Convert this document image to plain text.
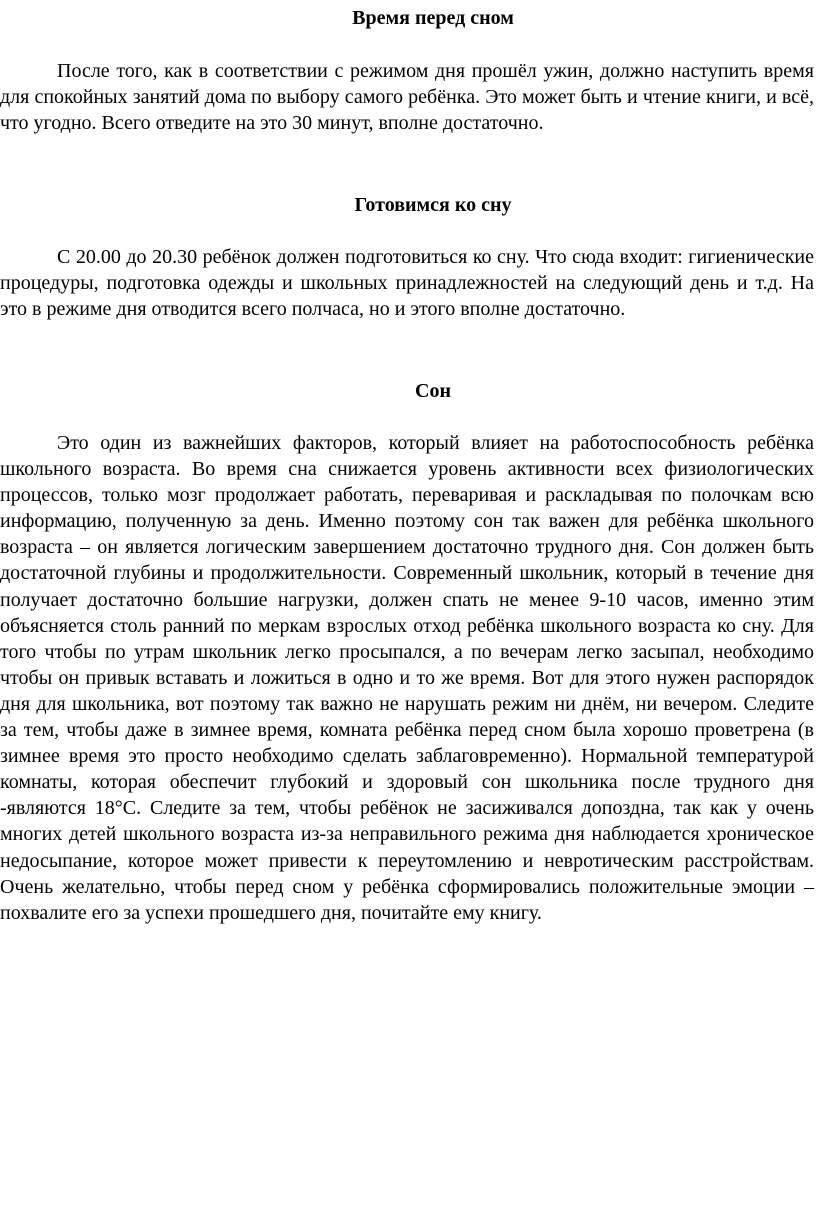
Время перед сном

После того, как в соответствии с режимом дня прошёл ужин, должно наступить время для спокойных занятий дома по выбору самого ребёнка. Это может быть и чтение книги, и всё, что угодно. Всего отведите на это 30 минут, вполне достаточно.

Готовимся ко сну

С 20.00 до 20.30 ребёнок должен подготовиться ко сну. Что сюда входит: гигиенические процедуры, подготовка одежды и школьных принадлежностей на следующий день и т.д. На это в режиме дня отводится всего полчаса, но и этого вполне достаточно.

Сон

Это один из важнейших факторов, который влияет на работоспособность ребёнка школьного возраста. Во время сна снижается уровень активности всех физиологических процессов, только мозг продолжает работать, переваривая и раскладывая по полочкам всю информацию, полученную за день. Именно поэтому сон так важен для ребёнка школьного возраста – он является логическим завершением достаточно трудного дня. Сон должен быть достаточной глубины и продолжительности. Современный школьник, который в течение дня получает достаточно большие нагрузки, должен спать не менее 9-10 часов, именно этим объясняется столь ранний по меркам взрослых отход ребёнка школьного возраста ко сну. Для того чтобы по утрам школьник легко просыпался, а по вечерам легко засыпал, необходимо чтобы он привык вставать и ложиться в одно и то же время. Вот для этого нужен распорядок дня для школьника, вот поэтому так важно не нарушать режим ни днём, ни вечером. Следите за тем, чтобы даже в зимнее время, комната ребёнка перед сном была хорошо проветрена (в зимнее время это просто необходимо сделать заблаговременно). Нормальной температурой комнаты, которая обеспечит глубокий и здоровый сон школьника после трудного дня -являются 18°С. Следите за тем, чтобы ребёнок не засиживался допоздна, так как у очень многих детей школьного возраста из-за неправильного режима дня наблюдается хроническое недосыпание, которое может привести к переутомлению и невротическим расстройствам. Очень желательно, чтобы перед сном у ребёнка сформировались положительные эмоции – похвалите его за успехи прошедшего дня, почитайте ему книгу.
